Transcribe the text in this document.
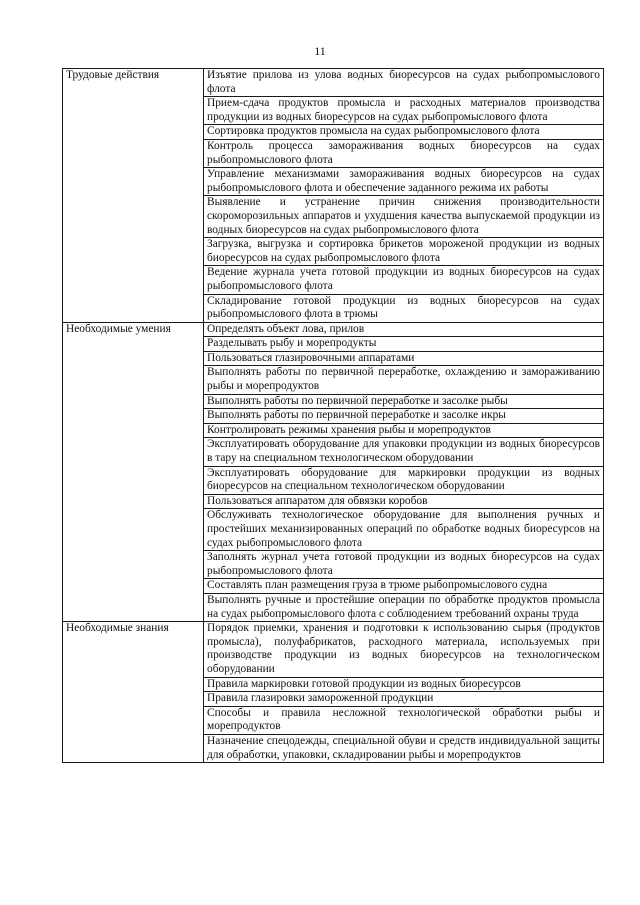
11
Трудовые действия	Изъятие прилова из улова водных биоресурсов на судах рыбопромыслового флота
	Прием-сдача продуктов промысла и расходных материалов производства продукции из водных биоресурсов на судах рыбопромыслового флота
	Сортировка продуктов промысла на судах рыбопромыслового флота
	Контроль процесса замораживания водных биоресурсов на судах рыбопромыслового флота
	Управление механизмами замораживания водных биоресурсов на судах рыбопромыслового флота и обеспечение заданного режима их работы
	Выявление и устранение причин снижения производительности скороморозильных аппаратов и ухудшения качества выпускаемой продукции из водных биоресурсов на судах рыбопромыслового флота
	Загрузка, выгрузка и сортировка брикетов мороженой продукции из водных биоресурсов на судах рыбопромыслового флота
	Ведение журнала учета готовой продукции из водных биоресурсов на судах рыбопромыслового флота
	Складирование готовой продукции из водных биоресурсов на судах рыбопромыслового флота в трюмы
Необходимые умения	Определять объект лова, прилов
	Разделывать рыбу и морепродукты
	Пользоваться глазировочными аппаратами
	Выполнять работы по первичной переработке, охлаждению и замораживанию рыбы и морепродуктов
	Выполнять работы по первичной переработке и засолке рыбы
	Выполнять работы по первичной переработке и засолке икры
	Контролировать режимы хранения рыбы и морепродуктов
	Эксплуатировать оборудование для упаковки продукции из водных биоресурсов в тару на специальном технологическом оборудовании
	Эксплуатировать оборудование для маркировки продукции из водных биоресурсов на специальном технологическом оборудовании
	Пользоваться аппаратом для обвязки коробов
	Обслуживать технологическое оборудование для выполнения ручных и простейших механизированных операций по обработке водных биоресурсов на судах рыбопромыслового флота
	Заполнять журнал учета готовой продукции из водных биоресурсов на судах рыбопромыслового флота
	Составлять план размещения груза в трюме рыбопромыслового судна
	Выполнять ручные и простейшие операции по обработке продуктов промысла на судах рыбопромыслового флота с соблюдением требований охраны труда
Необходимые знания	Порядок приемки, хранения и подготовки к использованию сырья (продуктов промысла), полуфабрикатов, расходного материала, используемых при производстве продукции из водных биоресурсов на технологическом оборудовании
	Правила маркировки готовой продукции из водных биоресурсов
	Правила глазировки замороженной продукции
	Способы и правила несложной технологической обработки рыбы и морепродуктов
	Назначение спецодежды, специальной обуви и средств индивидуальной защиты для обработки, упаковки, складировании рыбы и морепродуктов
